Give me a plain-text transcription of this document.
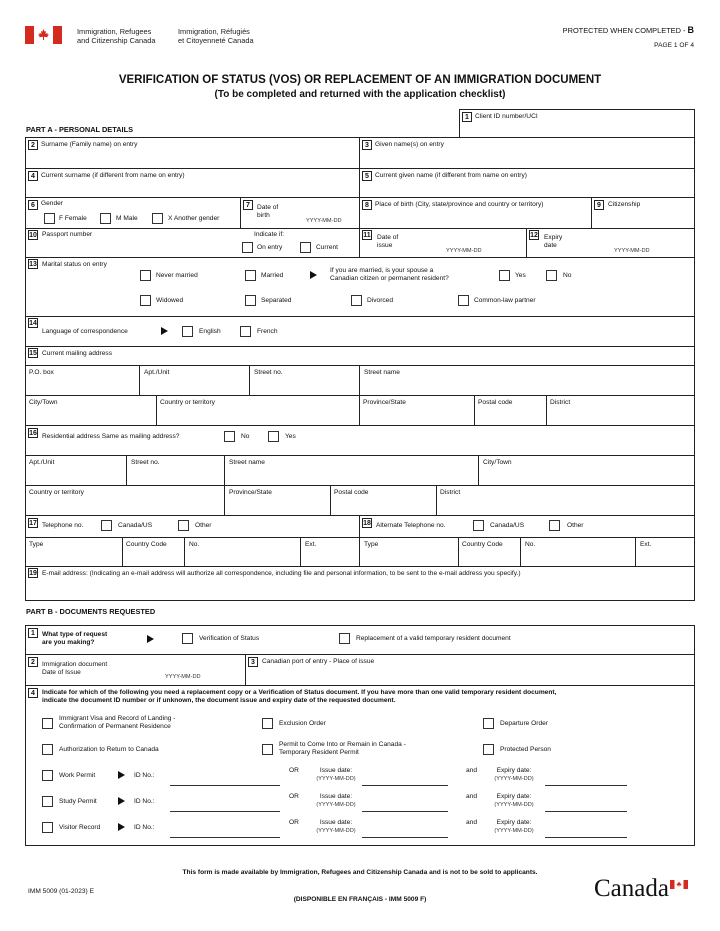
Immigration, Refugees
and Citizenship Canada
Immigration, Réfugiés
et Citoyenneté Canada
PROTECTED WHEN COMPLETED - B
PAGE 1 OF 4
VERIFICATION OF STATUS (VOS) OR REPLACEMENT OF AN IMMIGRATION DOCUMENT
(To be completed and returned with the application checklist)
PART A - PERSONAL DETAILS
1 Client ID number/UCI
2 Surname (Family name) on entry	3 Given name(s) on entry
4 Current surname (if different from name on entry)	5 Current given name (if different from name on entry)
6 Gender
F Female	M Male	X Another gender
7	Date of
birth
YYYY-MM-DD
8 Place of birth (City, state/province and country or territory)	9	Citizenship
10 Passport number	Indicate if:
On entry	Current
11 Date of
issue
YYYY-MM-DD
12 Expiry
date
YYYY-MM-DD
13 Marital status on entry
Never married	Married
If you are married, is your spouse a
Canadian citizen or permanent resident?	Yes	No
Widowed	Separated	Divorced	Common-law partner
14
Language of correspondence	English	French
15 Current mailing address
P.O. box	Apt./Unit	Street no.	Street name
City/Town	Country or territory	Province/State	Postal code	District
16 Residential address Same as mailing address?	No	Yes
Apt./Unit	Street no.	Street name	City/Town
Country or territory	Province/State	Postal code	District
17 Telephone no.	Canada/US	Other	18 Alternate Telephone no.	Canada/US	Other
Type	Country Code	No.	Ext.	Type	Country Code	No.	Ext.
19 E-mail address: (Indicating an e-mail address will authorize all correspondence, including file and personal information, to be sent to the e-mail address you specify.)
PART B - DOCUMENTS REQUESTED
1	What type of request
are you making?
Verification of Status	Replacement of a valid temporary resident document
2	Immigration document
Date of Issue
YYYY-MM-DD
3	Canadian port of entry - Place of issue
4	Indicate for which of the following you need a replacement copy or a Verification of Status document. If you have more than one valid temporary resident document,
indicate the document ID number or if unknown, the document issue and expiry date of the requested document.
Immigrant Visa and Record of Landing -
Confirmation of Permanent Residence	Exclusion Order	Departure Order
Authorization to Return to Canada
Permit to Come Into or Remain in Canada -
Temporary Resident Permit	Protected Person
Work Permit	ID No.:
OR	Issue date:
(YYYY-MM-DD)
and	Expiry date:
(YYYY-MM-DD)
Study Permit	ID No.:
OR	Issue date:
(YYYY-MM-DD)
and	Expiry date:
(YYYY-MM-DD)
Visitor Record	ID No.:
OR	Issue date:
(YYYY-MM-DD)
and	Expiry date:
(YYYY-MM-DD)
This form is made available by Immigration, Refugees and Citizenship Canada and is not to be sold to applicants.
IMM 5009 (01-2023) E
(DISPONIBLE EN FRANÇAIS - IMM 5009 F)	Canada
